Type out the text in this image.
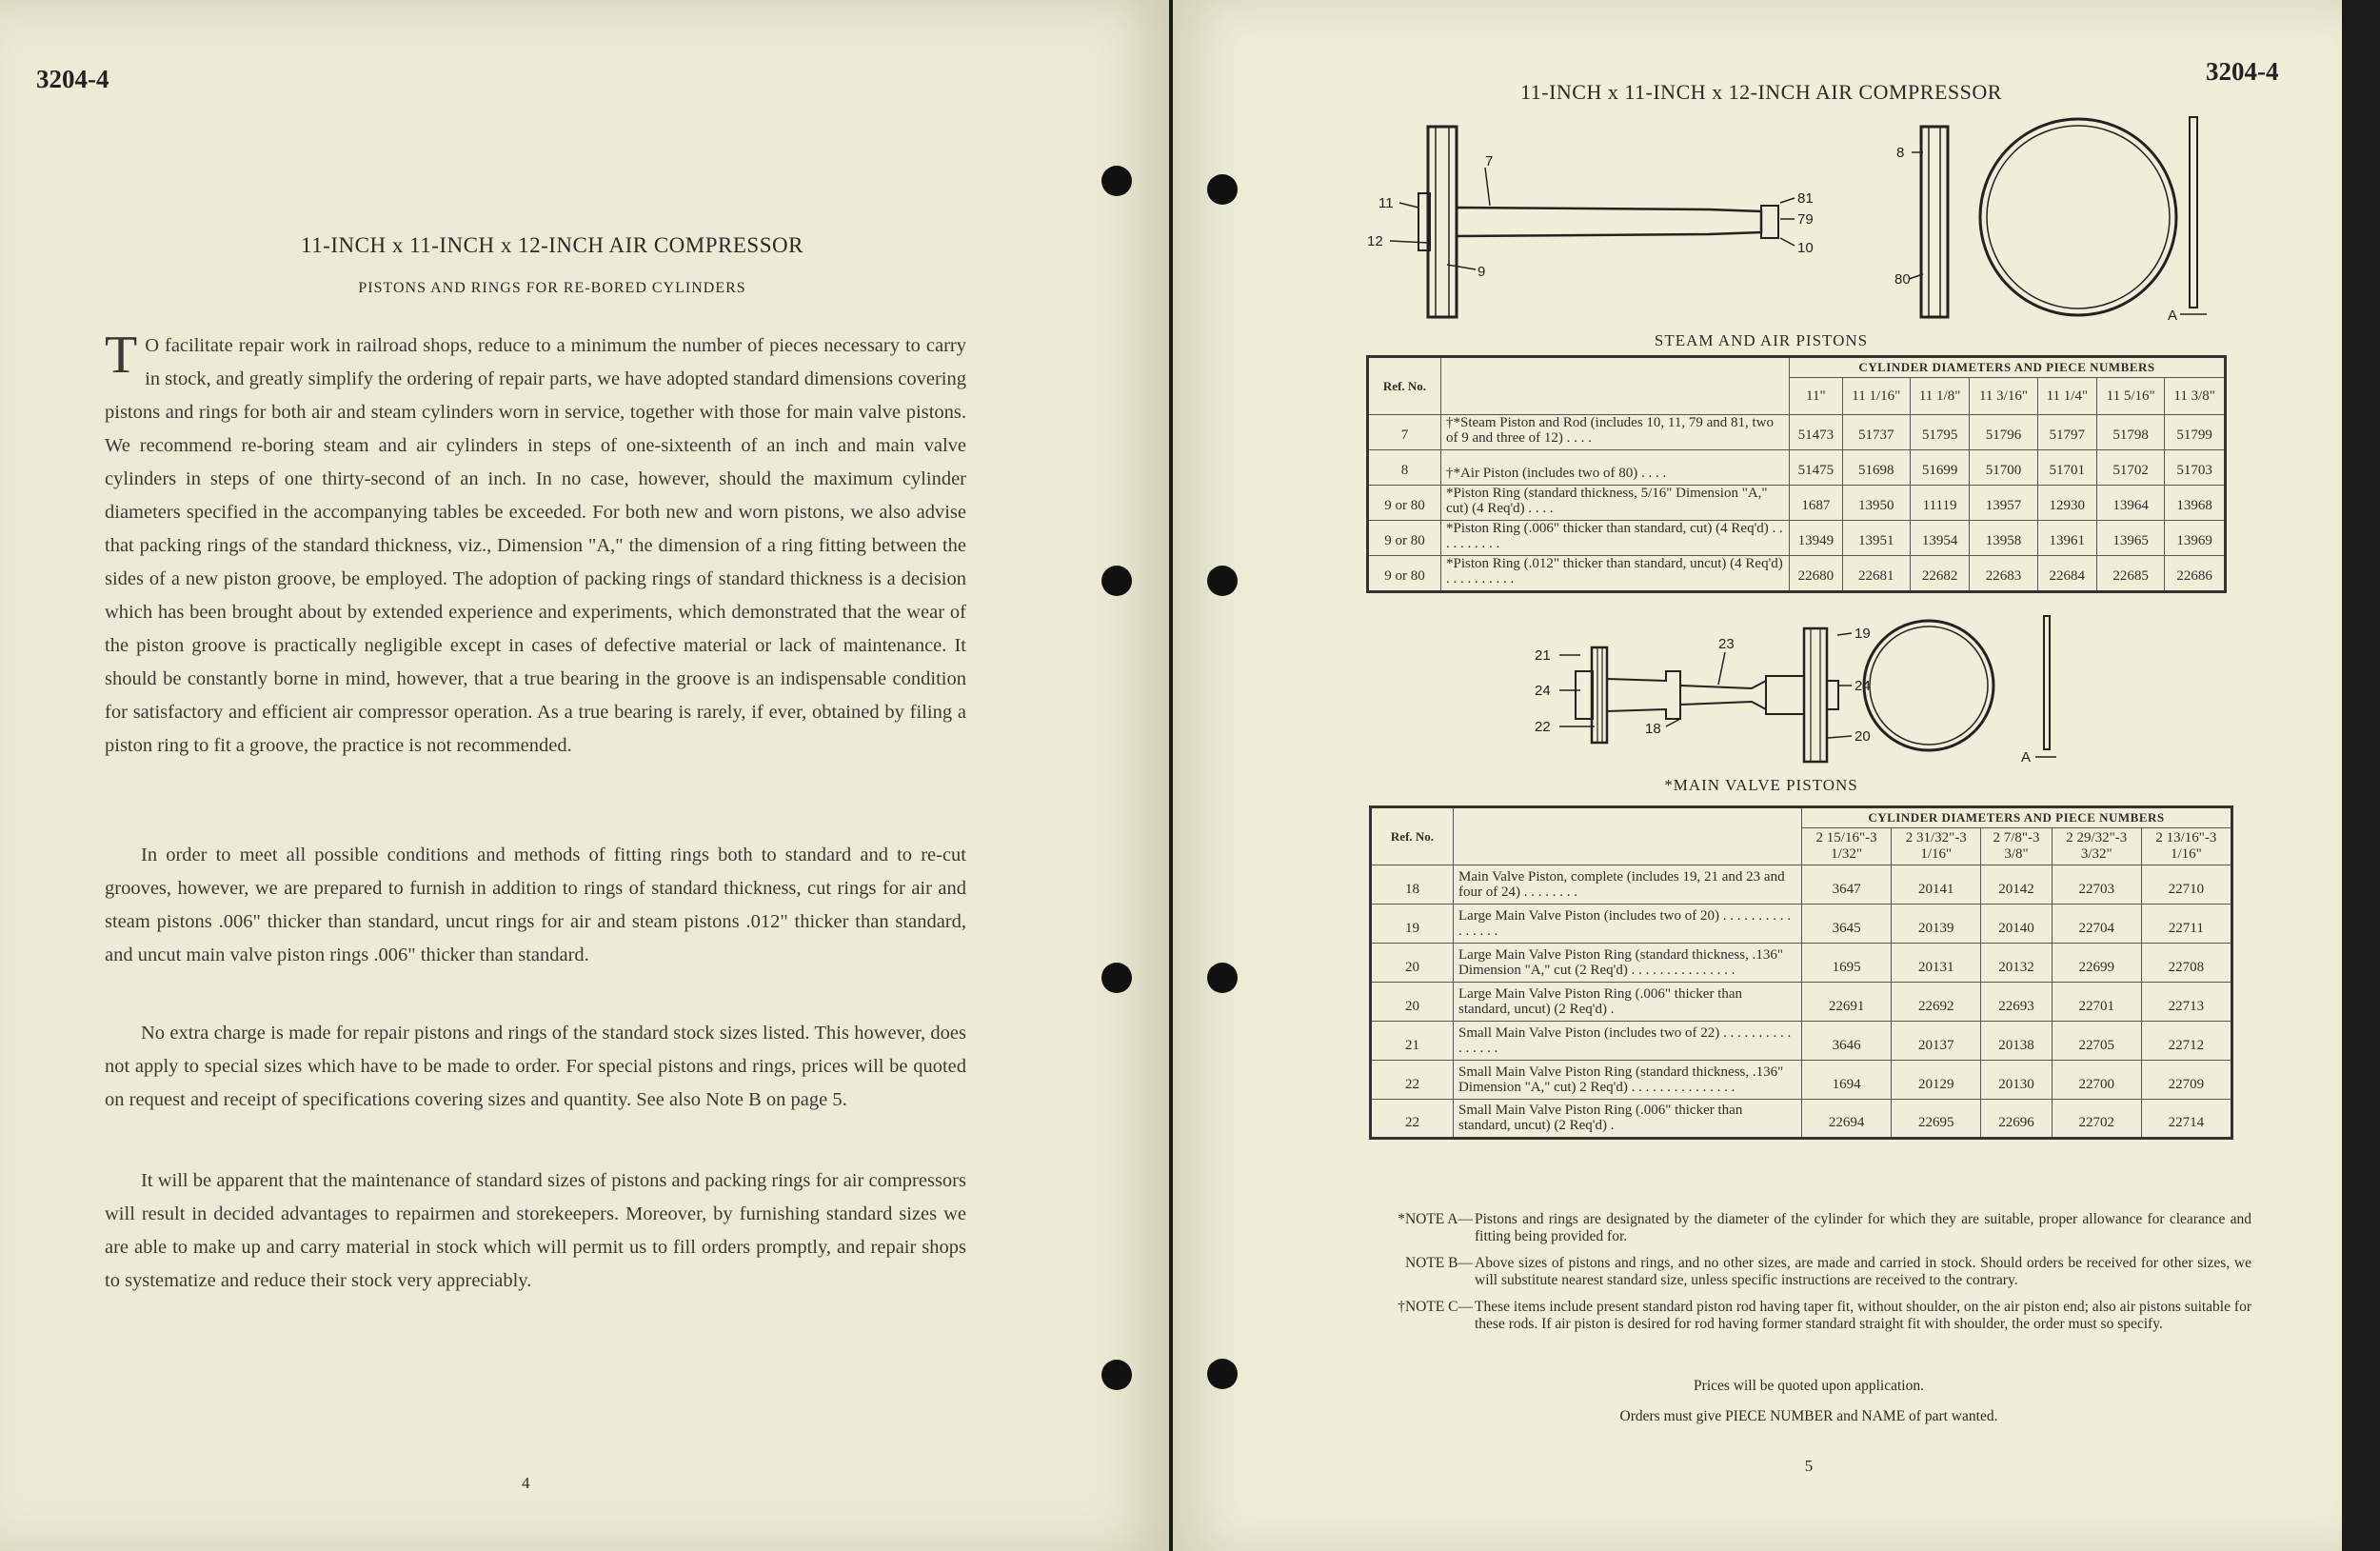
3204-4
11-INCH x 11-INCH x 12-INCH AIR COMPRESSOR
PISTONS AND RINGS FOR RE-BORED CYLINDERS
T O facilitate repair work in railroad shops, reduce to a minimum the number of pieces necessary to carry in stock, and greatly simplify the ordering of repair parts, we have adopted standard dimensions covering pistons and rings for both air and steam cylinders worn in service, together with those for main valve pistons. We recommend re-boring steam and air cylinders in steps of one-sixteenth of an inch and main valve cylinders in steps of one thirty-second of an inch. In no case, however, should the maximum cylinder diameters specified in the accompanying tables be exceeded. For both new and worn pistons, we also advise that packing rings of the standard thickness, viz., Dimension "A," the dimension of a ring fitting between the sides of a new piston groove, be employed. The adoption of packing rings of standard thickness is a decision which has been brought about by extended experience and experiments, which demonstrated that the wear of the piston groove is practically negligible except in cases of defective material or lack of maintenance. It should be constantly borne in mind, however, that a true bearing in the groove is an indispensable condition for satisfactory and efficient air compressor operation. As a true bearing is rarely, if ever, obtained by filing a piston ring to fit a groove, the practice is not recommended.
In order to meet all possible conditions and methods of fitting rings both to standard and to re-cut grooves, however, we are prepared to furnish in addition to rings of standard thickness, cut rings for air and steam pistons .006" thicker than standard, uncut rings for air and steam pistons .012" thicker than standard, and uncut main valve piston rings .006" thicker than standard.
No extra charge is made for repair pistons and rings of the standard stock sizes listed. This however, does not apply to special sizes which have to be made to order. For special pistons and rings, prices will be quoted on request and receipt of specifications covering sizes and quantity. See also Note B on page 5.
It will be apparent that the maintenance of standard sizes of pistons and packing rings for air compressors will result in decided advantages to repairmen and storekeepers. Moreover, by furnishing standard sizes we are able to make up and carry material in stock which will permit us to fill orders promptly, and repair shops to systematize and reduce their stock very appreciably.
4
3204-4
11-INCH x 11-INCH x 12-INCH AIR COMPRESSOR
7
11
12
9
8
81
79
10
80
A
STEAM AND AIR PISTONS
Ref. No.		CYLINDER DIAMETERS AND PIECE NUMBERS						
		11"	11 1/16"	11 1/8"	11 3/16"	11 1/4"	11 5/16"	11 3/8"
7	†*Steam Piston and Rod (includes 10, 11, 79 and 81, two of 9 and three of 12) . . . .	51473	51737	51795	51796	51797	51798	51799
8	†*Air Piston (includes two of 80) . . . .	51475	51698	51699	51700	51701	51702	51703
9 or 80	*Piston Ring (standard thickness, 5/16" Dimension "A," cut) (4 Req'd) . . . .	1687	13950	11119	13957	12930	13964	13968
9 or 80	*Piston Ring (.006" thicker than standard, cut) (4 Req'd) . . . . . . . . . .	13949	13951	13954	13958	13961	13965	13969
9 or 80	*Piston Ring (.012" thicker than standard, uncut) (4 Req'd) . . . . . . . . . .	22680	22681	22682	22683	22684	22685	22686
21
23
19
24	24
22	18	20
A
*MAIN VALVE PISTONS
Ref. No.		CYLINDER DIAMETERS AND PIECE NUMBERS				
		2 15/16"-3 1/32"	2 31/32"-3 1/16"	2 7/8"-3 3/8"	2 29/32"-3 3/32"	2 13/16"-3 1/16"
18	Main Valve Piston, complete (includes 19, 21 and 23 and four of 24) . . . . . . . .	3647	20141	20142	22703	22710
19	Large Main Valve Piston (includes two of 20) . . . . . . . . . . . . . . . .	3645	20139	20140	22704	22711
20	Large Main Valve Piston Ring (standard thickness, .136" Dimension "A," cut (2 Req'd) . . . . . . . . . . . . . . .	1695	20131	20132	22699	22708
20	Large Main Valve Piston Ring (.006" thicker than standard, uncut) (2 Req'd) .	22691	22692	22693	22701	22713
21	Small Main Valve Piston (includes two of 22) . . . . . . . . . . . . . . . .	3646	20137	20138	22705	22712
22	Small Main Valve Piston Ring (standard thickness, .136" Dimension "A," cut) 2 Req'd) . . . . . . . . . . . . . . .	1694	20129	20130	22700	22709
22	Small Main Valve Piston Ring (.006" thicker than standard, uncut) (2 Req'd) .	22694	22695	22696	22702	22714
*NOTE A— Pistons and rings are designated by the diameter of the cylinder for which they are suitable, proper allowance for clearance and fitting being provided for.
NOTE B— Above sizes of pistons and rings, and no other sizes, are made and carried in stock. Should orders be received for other sizes, we will substitute nearest standard size, unless specific instructions are received to the contrary.
†NOTE C— These items include present standard piston rod having taper fit, without shoulder, on the air piston end; also air pistons suitable for these rods. If air piston is desired for rod having former standard straight fit with shoulder, the order must so specify.
Prices will be quoted upon application.
Orders must give PIECE NUMBER and NAME of part wanted.
5
